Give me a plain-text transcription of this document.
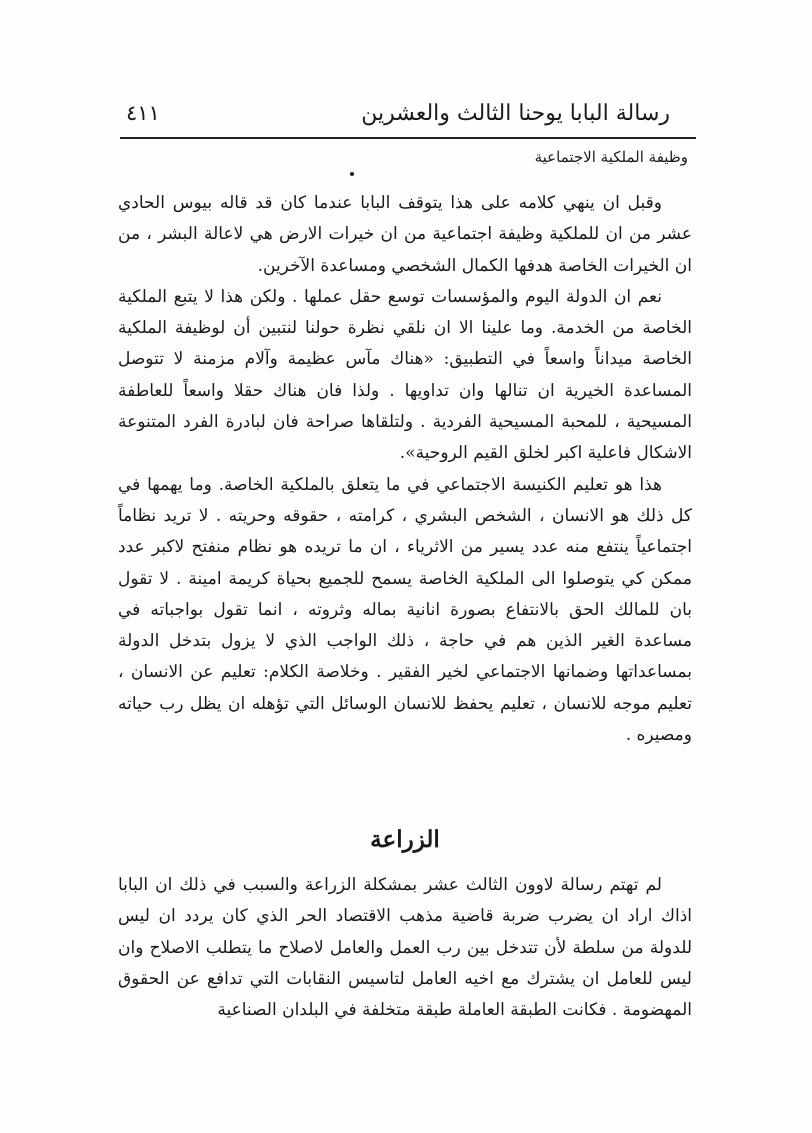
رسالة البابا يوحنا الثالث والعشرين
٤١١
وظيفة الملكية الاجتماعية

وقبل ان ينهي كلامه على هذا يتوقف البابا عندما كان قد قاله بيوس الحادي عشر من ان للملكية وظيفة اجتماعية من ان خيرات الارض هي لاعالة البشر ، من ان الخيرات الخاصة هدفها الكمال الشخصي ومساعدة الآخرين.

نعم ان الدولة اليوم والمؤسسات توسع حقل عملها . ولكن هذا لا يتبع الملكية الخاصة من الخدمة. وما علينا الا ان نلقي نظرة حولنا لنتبين أن لوظيفة الملكية الخاصة ميداناً واسعاً في التطبيق: «هناك مآس عظيمة وآلام مزمنة لا تتوصل المساعدة الخيرية ان تنالها وان تداويها . ولذا فان هناك حقلا واسعاً للعاطفة المسيحية ، للمحبة المسيحية الفردية . ولتلقاها صراحة فان لبادرة الفرد المتنوعة الاشكال فاعلية اكبر لخلق القيم الروحية».

هذا هو تعليم الكنيسة الاجتماعي في ما يتعلق بالملكية الخاصة. وما يهمها في كل ذلك هو الانسان ، الشخص البشري ، كرامته ، حقوقه وحريته . لا تريد نظاماً اجتماعياً ينتفع منه عدد يسير من الاثرياء ، ان ما تريده هو نظام منفتح لاكبر عدد ممكن كي يتوصلوا الى الملكية الخاصة يسمح للجميع بحياة كريمة امينة . لا تقول بان للمالك الحق بالانتفاع بصورة انانية بماله وثروته ، انما تقول بواجباته في مساعدة الغير الذين هم في حاجة ، ذلك الواجب الذي لا يزول بتدخل الدولة بمساعداتها وضمانها الاجتماعي لخير الفقير . وخلاصة الكلام: تعليم عن الانسان ، تعليم موجه للانسان ، تعليم يحفظ للانسان الوسائل التي تؤهله ان يظل رب حياته ومصيره .

الزراعة

لم تهتم رسالة لاوون الثالث عشر بمشكلة الزراعة والسبب في ذلك ان البابا اذاك اراد ان يضرب ضربة قاضية مذهب الاقتصاد الحر الذي كان يردد ان ليس للدولة من سلطة لأن تتدخل بين رب العمل والعامل لاصلاح ما يتطلب الاصلاح وان ليس للعامل ان يشترك مع اخيه العامل لتاسيس النقابات التي تدافع عن الحقوق المهضومة . فكانت الطبقة العاملة طبقة متخلفة في البلدان الصناعية
